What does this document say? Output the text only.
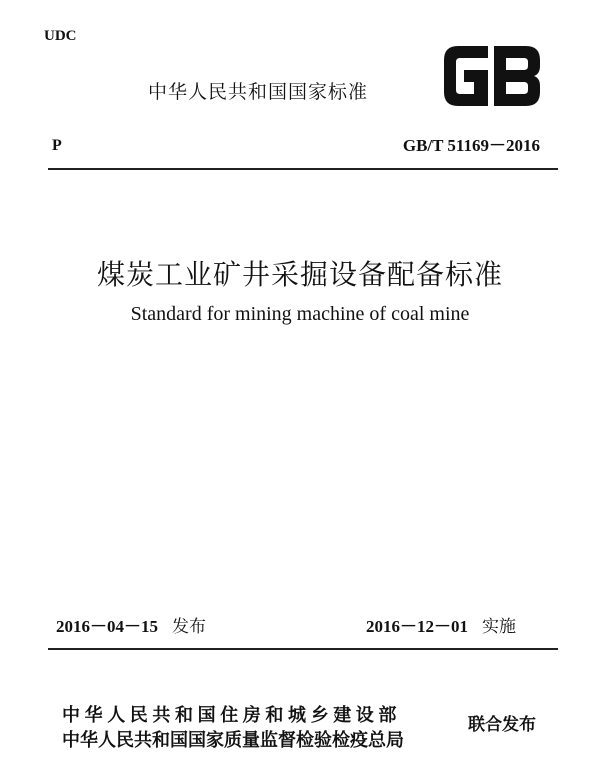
UDC
中华人民共和国国家标准
P	GB/T 51169－2016
煤炭工业矿井采掘设备配备标准
Standard for mining machine of coal mine
2016－04－15 发布	2016－12－01 实施
中华人民共和国住房和城乡建设部
中华人民共和国国家质量监督检验检疫总局
联合发布
